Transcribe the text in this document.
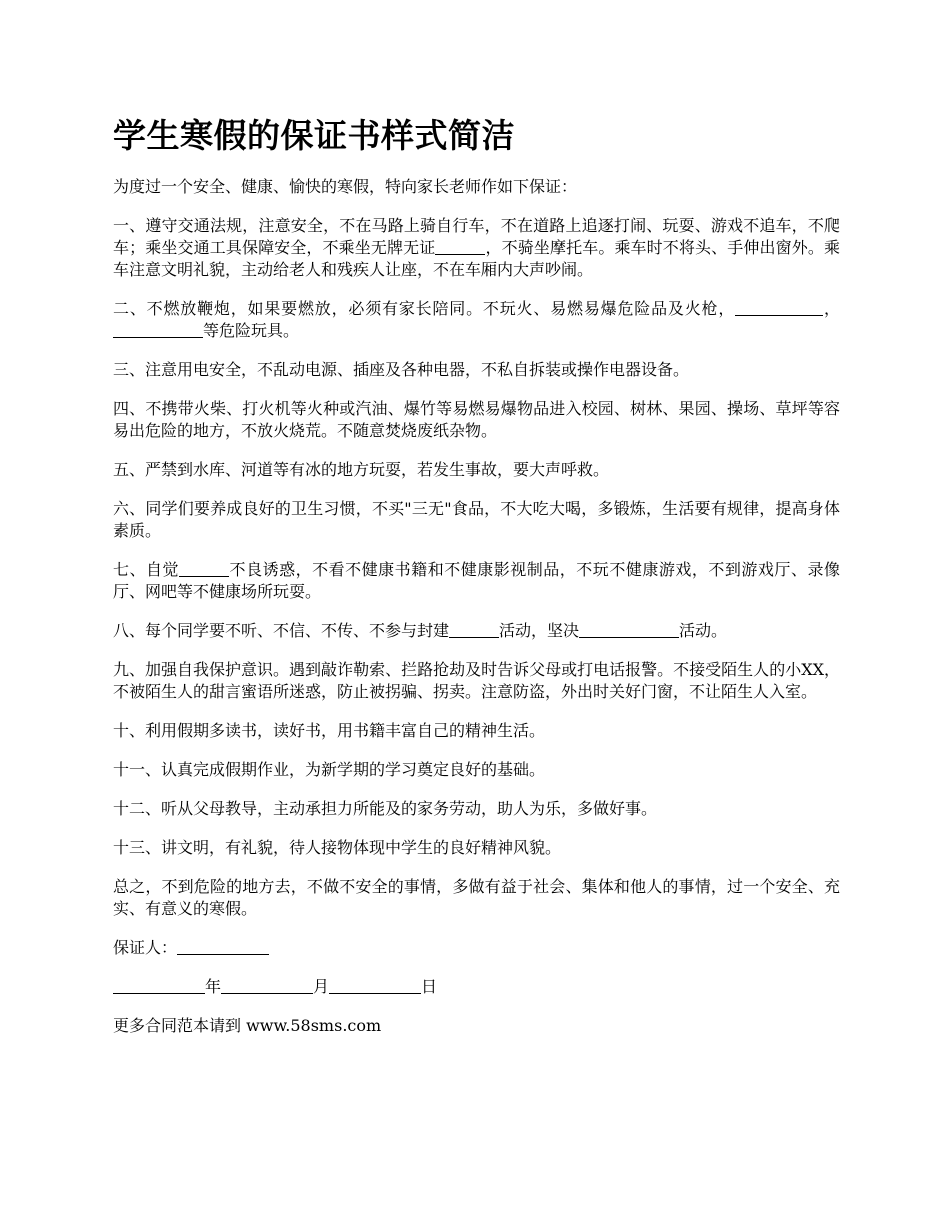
学生寒假的保证书样式简洁

为度过一个安全、健康、愉快的寒假，特向家长老师作如下保证：

一、遵守交通法规，注意安全，不在马路上骑自行车，不在道路上追逐打闹、玩耍、游戏不追车，不爬车；乘坐交通工具保障安全，不乘坐无牌无证	，不骑坐摩托车。乘车时不将头、手伸出窗外。乘车注意文明礼貌，主动给老人和残疾人让座，不在车厢内大声吵闹。

二、不燃放鞭炮，如果要燃放，必须有家长陪同。不玩火、易燃易爆危险品及火枪，	，等危险玩具。

三、注意用电安全，不乱动电源、插座及各种电器，不私自拆装或操作电器设备。

四、不携带火柴、打火机等火种或汽油、爆竹等易燃易爆物品进入校园、树林、果园、操场、草坪等容易出危险的地方，不放火烧荒。不随意焚烧废纸杂物。

五、严禁到水库、河道等有冰的地方玩耍，若发生事故，要大声呼救。

六、同学们要养成良好的卫生习惯，不买"三无"食品，不大吃大喝，多锻炼，生活要有规律，提高身体素质。

七、自觉	不良诱惑，不看不健康书籍和不健康影视制品，不玩不健康游戏，不到游戏厅、录像厅、网吧等不健康场所玩耍。

八、每个同学要不听、不信、不传、不参与封建	活动，坚决	活动。

九、加强自我保护意识。遇到敲诈勒索、拦路抢劫及时告诉父母或打电话报警。不接受陌生人的小XX，不被陌生人的甜言蜜语所迷惑，防止被拐骗、拐卖。注意防盗，外出时关好门窗，不让陌生人入室。

十、利用假期多读书，读好书，用书籍丰富自己的精神生活。

十一、认真完成假期作业，为新学期的学习奠定良好的基础。

十二、听从父母教导，主动承担力所能及的家务劳动，助人为乐，多做好事。

十三、讲文明，有礼貌，待人接物体现中学生的良好精神风貌。

总之，不到危险的地方去，不做不安全的事情，多做有益于社会、集体和他人的事情，过一个安全、充实、有意义的寒假。

保证人：

年	月	日

更多合同范本请到 www.58sms.com
